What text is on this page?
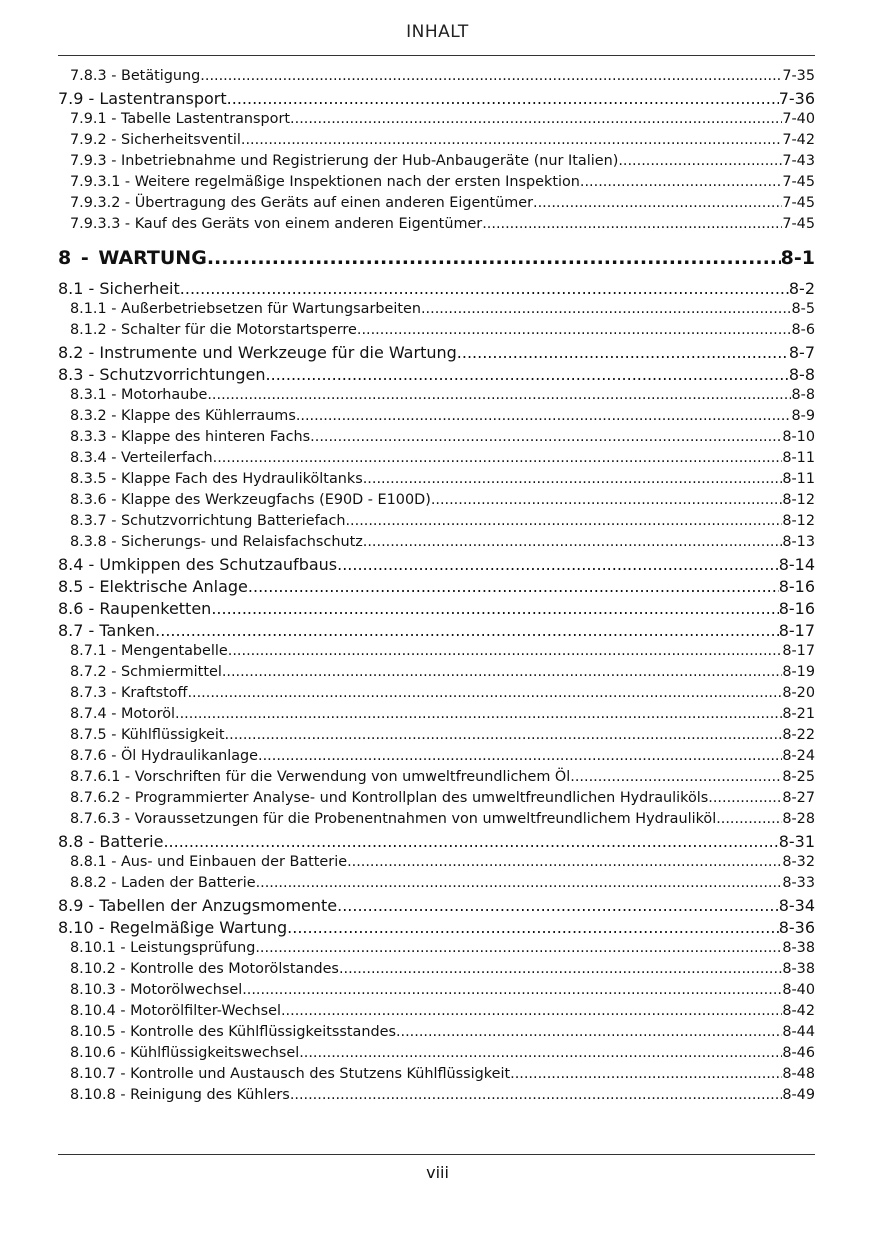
INHALT
7.8.3 - Betätigung .....	7-35
7.9 - Lastentransport .....	7-36
7.9.1 - Tabelle Lastentransport .....	7-40
7.9.2 - Sicherheitsventil .....	7-42
7.9.3 - Inbetriebnahme und Registrierung der Hub-Anbaugeräte (nur Italien) .....	7-43
7.9.3.1 - Weitere regelmäßige Inspektionen nach der ersten Inspektion .....	7-45
7.9.3.2 - Übertragung des Geräts auf einen anderen Eigentümer .....	7-45
7.9.3.3 - Kauf des Geräts von einem anderen Eigentümer .....	7-45
8 - WARTUNG .....	8-1
8.1 - Sicherheit .....	8-2
8.1.1 - Außerbetriebsetzen für Wartungsarbeiten .....	8-5
8.1.2 - Schalter für die Motorstartsperre .....	8-6
8.2 - Instrumente und Werkzeuge für die Wartung .....	8-7
8.3 - Schutzvorrichtungen .....	8-8
8.3.1 - Motorhaube .....	8-8
8.3.2 - Klappe des Kühlerraums .....	8-9
8.3.3 - Klappe des hinteren Fachs .....	8-10
8.3.4 - Verteilerfach .....	8-11
8.3.5 - Klappe Fach des Hydrauliköltanks .....	8-11
8.3.6 - Klappe des Werkzeugfachs (E90D - E100D) .....	8-12
8.3.7 - Schutzvorrichtung Batteriefach .....	8-12
8.3.8 - Sicherungs- und Relaisfachschutz .....	8-13
8.4 - Umkippen des Schutzaufbaus .....	8-14
8.5 - Elektrische Anlage .....	8-16
8.6 - Raupenketten .....	8-16
8.7 - Tanken .....	8-17
8.7.1 - Mengentabelle .....	8-17
8.7.2 - Schmiermittel .....	8-19
8.7.3 - Kraftstoff .....	8-20
8.7.4 - Motoröl .....	8-21
8.7.5 - Kühlflüssigkeit .....	8-22
8.7.6 - Öl Hydraulikanlage .....	8-24
8.7.6.1 - Vorschriften für die Verwendung von umweltfreundlichem Öl .....	8-25
8.7.6.2 - Programmierter Analyse- und Kontrollplan des umweltfreundlichen Hydrauliköls .....	8-27
8.7.6.3 - Voraussetzungen für die Probenentnahmen von umweltfreundlichem Hydrauliköl .....	8-28
8.8 - Batterie .....	8-31
8.8.1 - Aus- und Einbauen der Batterie .....	8-32
8.8.2 - Laden der Batterie .....	8-33
8.9 - Tabellen der Anzugsmomente .....	8-34
8.10 - Regelmäßige Wartung .....	8-36
8.10.1 - Leistungsprüfung .....	8-38
8.10.2 - Kontrolle des Motorölstandes .....	8-38
8.10.3 - Motorölwechsel .....	8-40
8.10.4 - Motorölfilter-Wechsel .....	8-42
8.10.5 - Kontrolle des Kühlflüssigkeitsstandes .....	8-44
8.10.6 - Kühlflüssigkeitswechsel .....	8-46
8.10.7 - Kontrolle und Austausch des Stutzens Kühlflüssigkeit .....	8-48
8.10.8 - Reinigung des Kühlers .....	8-49
viii
